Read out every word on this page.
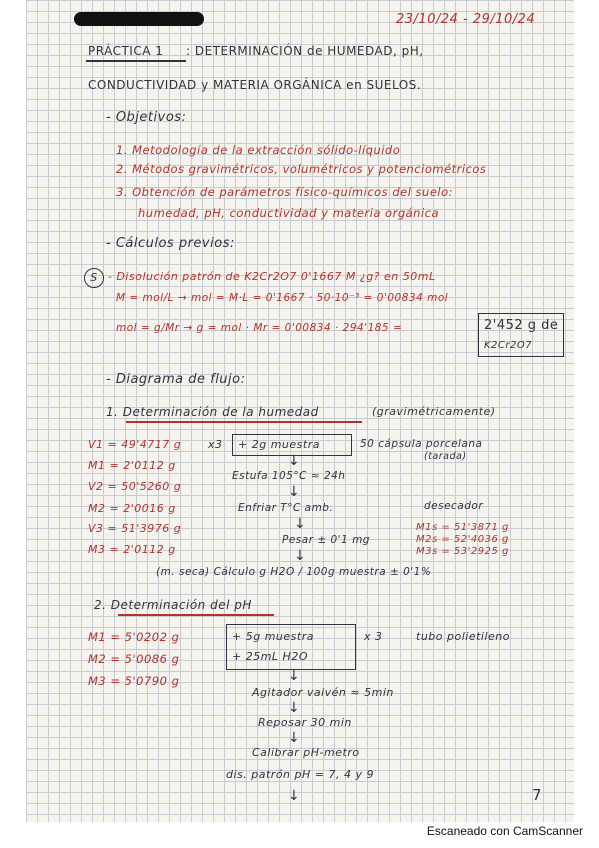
23/10/24 - 29/10/24
PRÁCTICA 1 : DETERMINACIÓN de HUMEDAD, pH,
CONDUCTIVIDAD y MATERIA ORGÁNICA en SUELOS.
- Objetivos:
1. Metodología de la extracción sólido-líquido
2. Métodos gravimétricos, volumétricos y potenciométricos
3. Obtención de parámetros físico-químicos del suelo:
humedad, pH, conductividad y materia orgánica
- Cálculos previos:
S - Disolución patrón de K2Cr2O7 0'1667 M ¿g? en 50mL
M = mol/L → mol = M·L = 0'1667 · 50·10⁻³ = 0'00834 mol
mol = g/Mr → g = mol · Mr = 0'00834 · 294'185 =	2'452 g de
K2Cr2O7
- Diagrama de flujo:
1. Determinación de la humedad	(gravimétricamente)
V1 = 49'4717 g
M1 = 2'0112 g
V2 = 50'5260 g
M2 = 2'0016 g
V3 = 51'3976 g
M3 = 2'0112 g
x3 + 2g muestra	50 cápsula porcelana
(tarada)
↓
Estufa 105°C ≈ 24h
↓
Enfriar T°C amb.	desecador
↓
Pesar ± 0'1 mg
↓
(m. seca) Cálculo g H2O / 100g muestra ± 0'1%
M1s = 51'3871 g
M2s = 52'4036 g
M3s = 53'2925 g
2. Determinación del pH
M1 = 5'0202 g
M2 = 5'0086 g
M3 = 5'0790 g
+ 5g muestra
+ 25mL H2O
x 3	tubo polietileno
↓
Agitador vaivén ≈ 5min
↓
Reposar 30 min
↓
Calibrar pH-metro
dis. patrón pH = 7, 4 y 9
↓	7
Escaneado con CamScanner
